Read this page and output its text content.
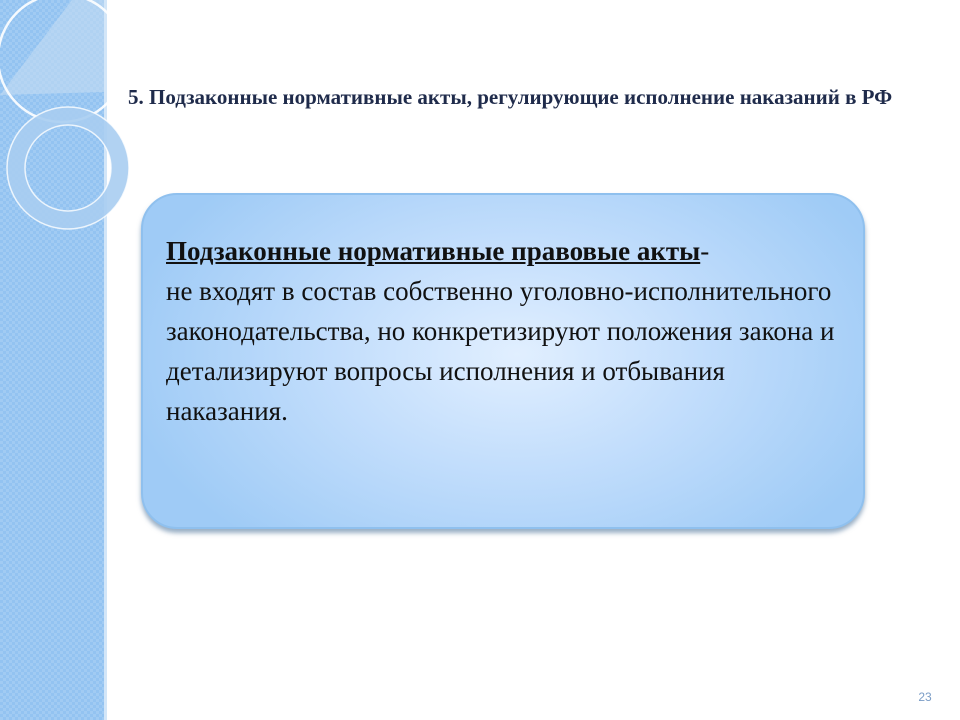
5. Подзаконные нормативные акты, регулирующие исполнение наказаний в РФ
Подзаконные нормативные правовые акты-
не входят в состав собственно уголовно-исполнительного законодательства, но конкретизируют положения закона и детализируют вопросы исполнения и отбывания наказания.
23
